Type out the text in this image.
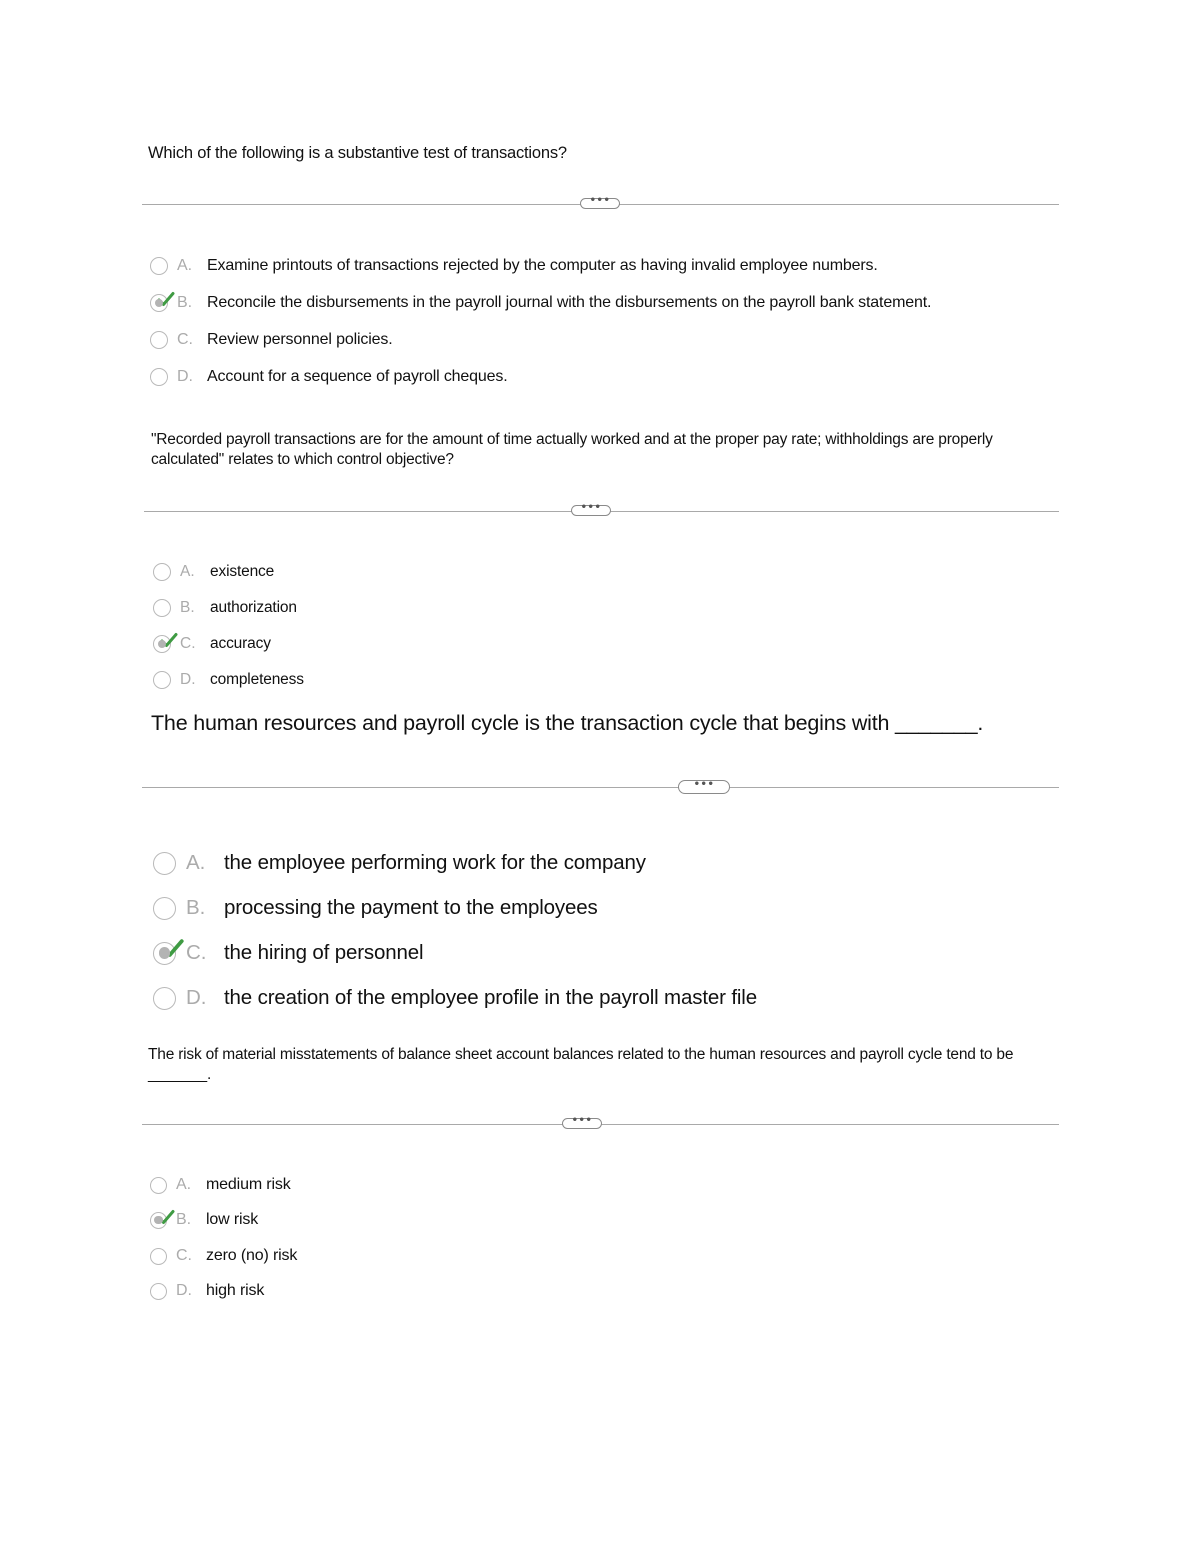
Which of the following is a substantive test of transactions?
•••
A. Examine printouts of transactions rejected by the computer as having invalid employee numbers.
B. Reconcile the disbursements in the payroll journal with the disbursements on the payroll bank statement.
C. Review personnel policies.
D. Account for a sequence of payroll cheques.
"Recorded payroll transactions are for the amount of time actually worked and at the proper pay rate; withholdings are properly calculated" relates to which control objective?
•••
A. existence
B. authorization
C. accuracy
D. completeness
The human resources and payroll cycle is the transaction cycle that begins with _______.
•••
A. the employee performing work for the company
B. processing the payment to the employees
C. the hiring of personnel
D. the creation of the employee profile in the payroll master file
The risk of material misstatements of balance sheet account balances related to the human resources and payroll cycle tend to be _______.
•••
A. medium risk
B. low risk
C. zero (no) risk
D. high risk
